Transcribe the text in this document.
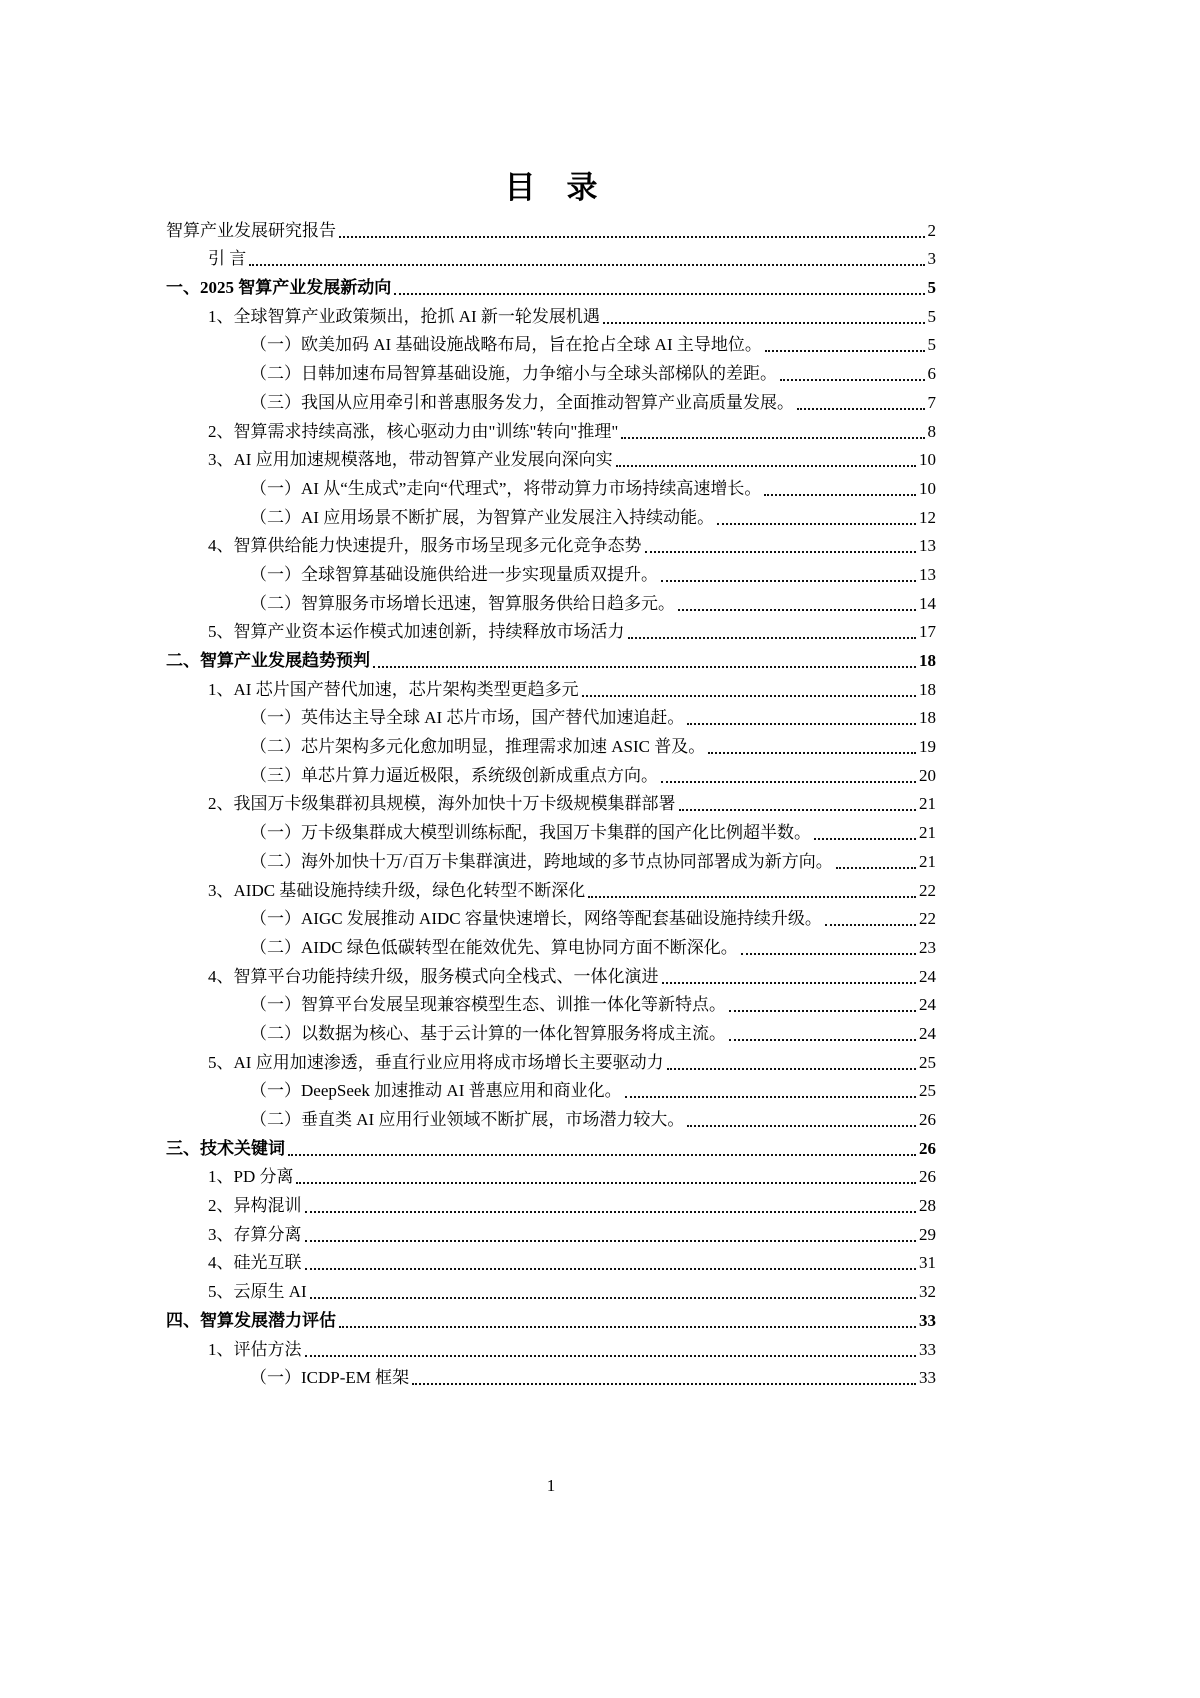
目　录
智算产业发展研究报告	2
引 言	3
一、2025 智算产业发展新动向	5
1、全球智算产业政策频出，抢抓 AI 新一轮发展机遇	5
（一）欧美加码 AI 基础设施战略布局，旨在抢占全球 AI 主导地位。	5
（二）日韩加速布局智算基础设施，力争缩小与全球头部梯队的差距。	6
（三）我国从应用牵引和普惠服务发力，全面推动智算产业高质量发展。	7
2、智算需求持续高涨，核心驱动力由"训练"转向"推理"	8
3、AI 应用加速规模落地，带动智算产业发展向深向实	10
（一）AI 从“生成式”走向“代理式”，将带动算力市场持续高速增长。	10
（二）AI 应用场景不断扩展，为智算产业发展注入持续动能。	12
4、智算供给能力快速提升，服务市场呈现多元化竞争态势	13
（一）全球智算基础设施供给进一步实现量质双提升。	13
（二）智算服务市场增长迅速，智算服务供给日趋多元。	14
5、智算产业资本运作模式加速创新，持续释放市场活力	17
二、智算产业发展趋势预判	18
1、AI 芯片国产替代加速，芯片架构类型更趋多元	18
（一）英伟达主导全球 AI 芯片市场，国产替代加速追赶。	18
（二）芯片架构多元化愈加明显，推理需求加速 ASIC 普及。	19
（三）单芯片算力逼近极限，系统级创新成重点方向。	20
2、我国万卡级集群初具规模，海外加快十万卡级规模集群部署	21
（一）万卡级集群成大模型训练标配，我国万卡集群的国产化比例超半数。	21
（二）海外加快十万/百万卡集群演进，跨地域的多节点协同部署成为新方向。	21
3、AIDC 基础设施持续升级，绿色化转型不断深化	22
（一）AIGC 发展推动 AIDC 容量快速增长，网络等配套基础设施持续升级。	22
（二）AIDC 绿色低碳转型在能效优先、算电协同方面不断深化。	23
4、智算平台功能持续升级，服务模式向全栈式、一体化演进	24
（一）智算平台发展呈现兼容模型生态、训推一体化等新特点。	24
（二）以数据为核心、基于云计算的一体化智算服务将成主流。	24
5、AI 应用加速渗透，垂直行业应用将成市场增长主要驱动力	25
（一）DeepSeek 加速推动 AI 普惠应用和商业化。	25
（二）垂直类 AI 应用行业领域不断扩展，市场潜力较大。	26
三、技术关键词	26
1、PD 分离	26
2、异构混训	28
3、存算分离	29
4、硅光互联	31
5、云原生 AI	32
四、智算发展潜力评估	33
1、评估方法	33
（一）ICDP-EM 框架	33
1
